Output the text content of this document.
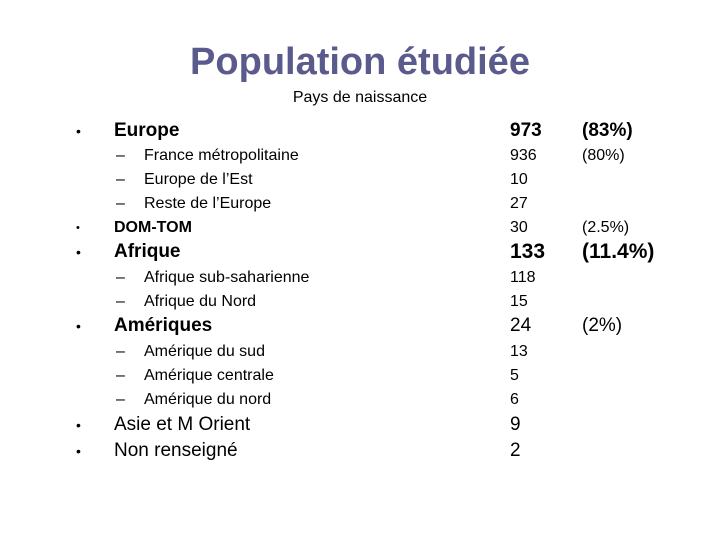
Population étudiée
Pays de naissance
• Europe	973 (83%)
– France métropolitaine	936	(80%)
– Europe de l’Est	10
– Reste de l’Europe	27
• DOM-TOM	30	(2.5%)
• Afrique	133 (11.4%)
– Afrique sub-saharienne	118
– Afrique du Nord	15
• Amériques	24	(2%)
– Amérique du sud	13
– Amérique centrale	5
– Amérique du nord	6
• Asie et M Orient	9
• Non renseigné	2
